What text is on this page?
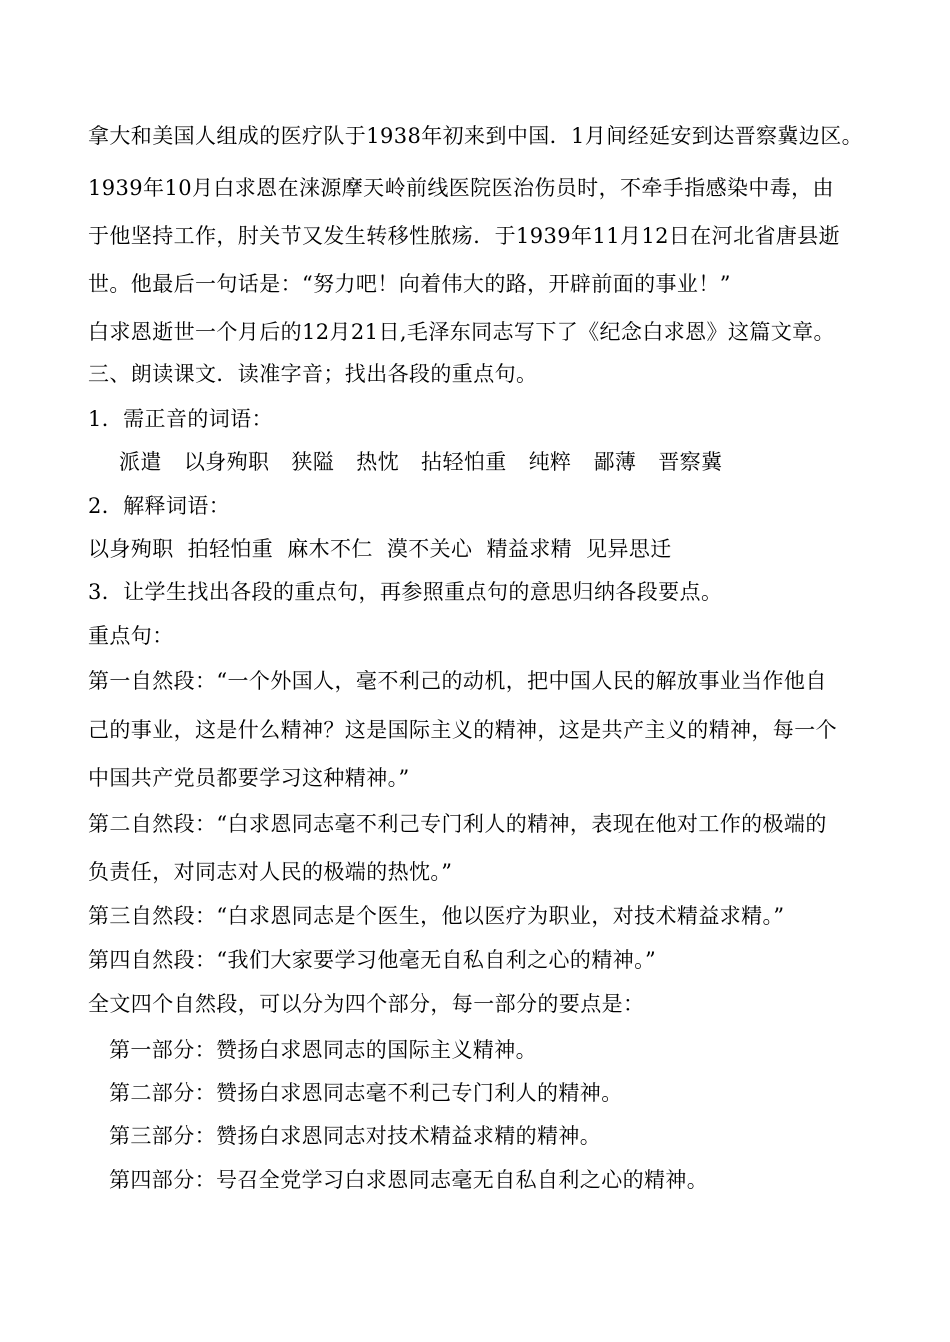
拿大和美国人组成的医疗队于1938年初来到中国．1月间经延安到达晋察冀边区。
1939年10月白求恩在涞源摩天岭前线医院医治伤员时，不牵手指感染中毒，由
于他坚持工作，肘关节又发生转移性脓疡．于1939年11月12日在河北省唐县逝
世。他最后一句话是：“努力吧！向着伟大的路，开辟前面的事业！”
白求恩逝世一个月后的12月21日,毛泽东同志写下了《纪念白求恩》这篇文章。
三、朗读课文．读准字音；找出各段的重点句。
1．需正音的词语：
派遣 以身殉职 狭隘 热忱 拈轻怕重 纯粹 鄙薄 晋察冀
2．解释词语：
以身殉职 拍轻怕重 麻木不仁 漠不关心 精益求精 见异思迁
3．让学生找出各段的重点句，再参照重点句的意思归纳各段要点。
重点句：
第一自然段：“一个外国人，毫不利己的动机，把中国人民的解放事业当作他自
己的事业，这是什么精神？这是国际主义的精神，这是共产主义的精神，每一个
中国共产党员都要学习这种精神。”
第二自然段：“白求恩同志毫不利己专门利人的精神，表现在他对工作的极端的
负责任，对同志对人民的极端的热忱。”
第三自然段：“白求恩同志是个医生，他以医疗为职业，对技术精益求精。”
第四自然段：“我们大家要学习他毫无自私自利之心的精神。”
全文四个自然段，可以分为四个部分，每一部分的要点是：
第一部分：赞扬白求恩同志的国际主义精神。
第二部分：赞扬白求恩同志毫不利己专门利人的精神。
第三部分：赞扬白求恩同志对技术精益求精的精神。
第四部分：号召全党学习白求恩同志毫无自私自利之心的精神。
